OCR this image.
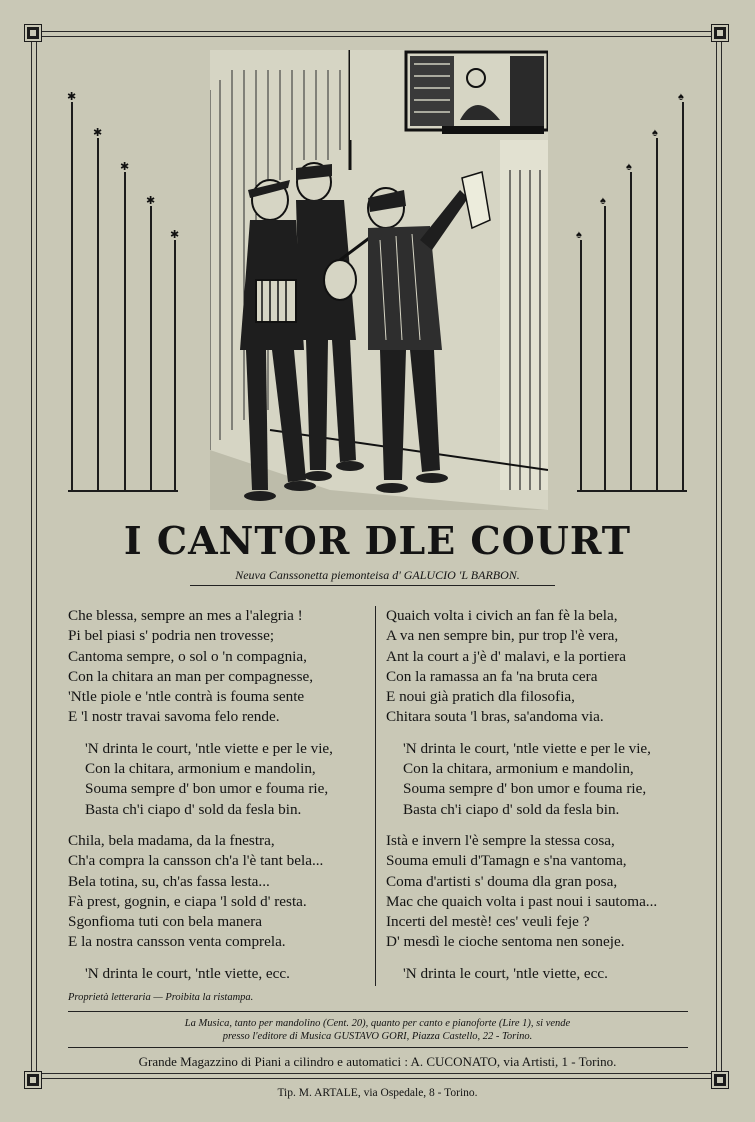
✱
✱
✱
✱
✱	♠
♠
♠
♠
♠
I CANTOR DLE COURT
Neuva Canssonetta piemonteisa d' GALUCIO 'L BARBON.

Che blessa, sempre an mes a l'alegria !

Pi bel piasi s' podria nen trovesse;

Cantoma sempre, o sol o 'n compagnia,

Con la chitara an man per compagnesse,

'Ntle piole e 'ntle contrà is fouma sente

E 'l nostr travai savoma felo rende.

'N drinta le court, 'ntle viette e per le vie,

Con la chitara, armonium e mandolin,

Souma sempre d' bon umor e fouma rie,

Basta ch'i ciapo d' sold da fesla bin.

Chila, bela madama, da la fnestra,

Ch'a compra la cansson ch'a l'è tant bela...

Bela totina, su, ch'as fassa lesta...

Fà prest, gognin, e ciapa 'l sold d' resta.

Sgonfioma tuti con bela manera

E la nostra cansson venta comprela.

'N drinta le court, 'ntle viette, ecc.

Quaich volta i civich an fan fè la bela,

A va nen sempre bin, pur trop l'è vera,

Ant la court a j'è d' malavi, e la portiera

Con la ramassa an fa 'na bruta cera

E noui già pratich dla filosofia,

Chitara souta 'l bras, sa'andoma via.

'N drinta le court, 'ntle viette e per le vie,

Con la chitara, armonium e mandolin,

Souma sempre d' bon umor e fouma rie,

Basta ch'i ciapo d' sold da fesla bin.

Istà e invern l'è sempre la stessa cosa,

Souma emuli d'Tamagn e s'na vantoma,

Coma d'artisti s' douma dla gran posa,

Mac che quaich volta i past noui i sautoma...

Incerti del mestè! ces' veuli feje ?

D' mesdì le cioche sentoma nen soneje.

'N drinta le court, 'ntle viette, ecc.

Proprietà letteraria — Proibita la ristampa.
La Musica, tanto per mandolino (Cent. 20), quanto per canto e pianoforte (Lire 1), si vende
presso l'editore di Musica GUSTAVO GORI, Piazza Castello, 22 - Torino.
Grande Magazzino di Piani a cilindro e automatici : A. CUCONATO, via Artisti, 1 - Torino.
Tip. M. ARTALE, via Ospedale, 8 - Torino.
